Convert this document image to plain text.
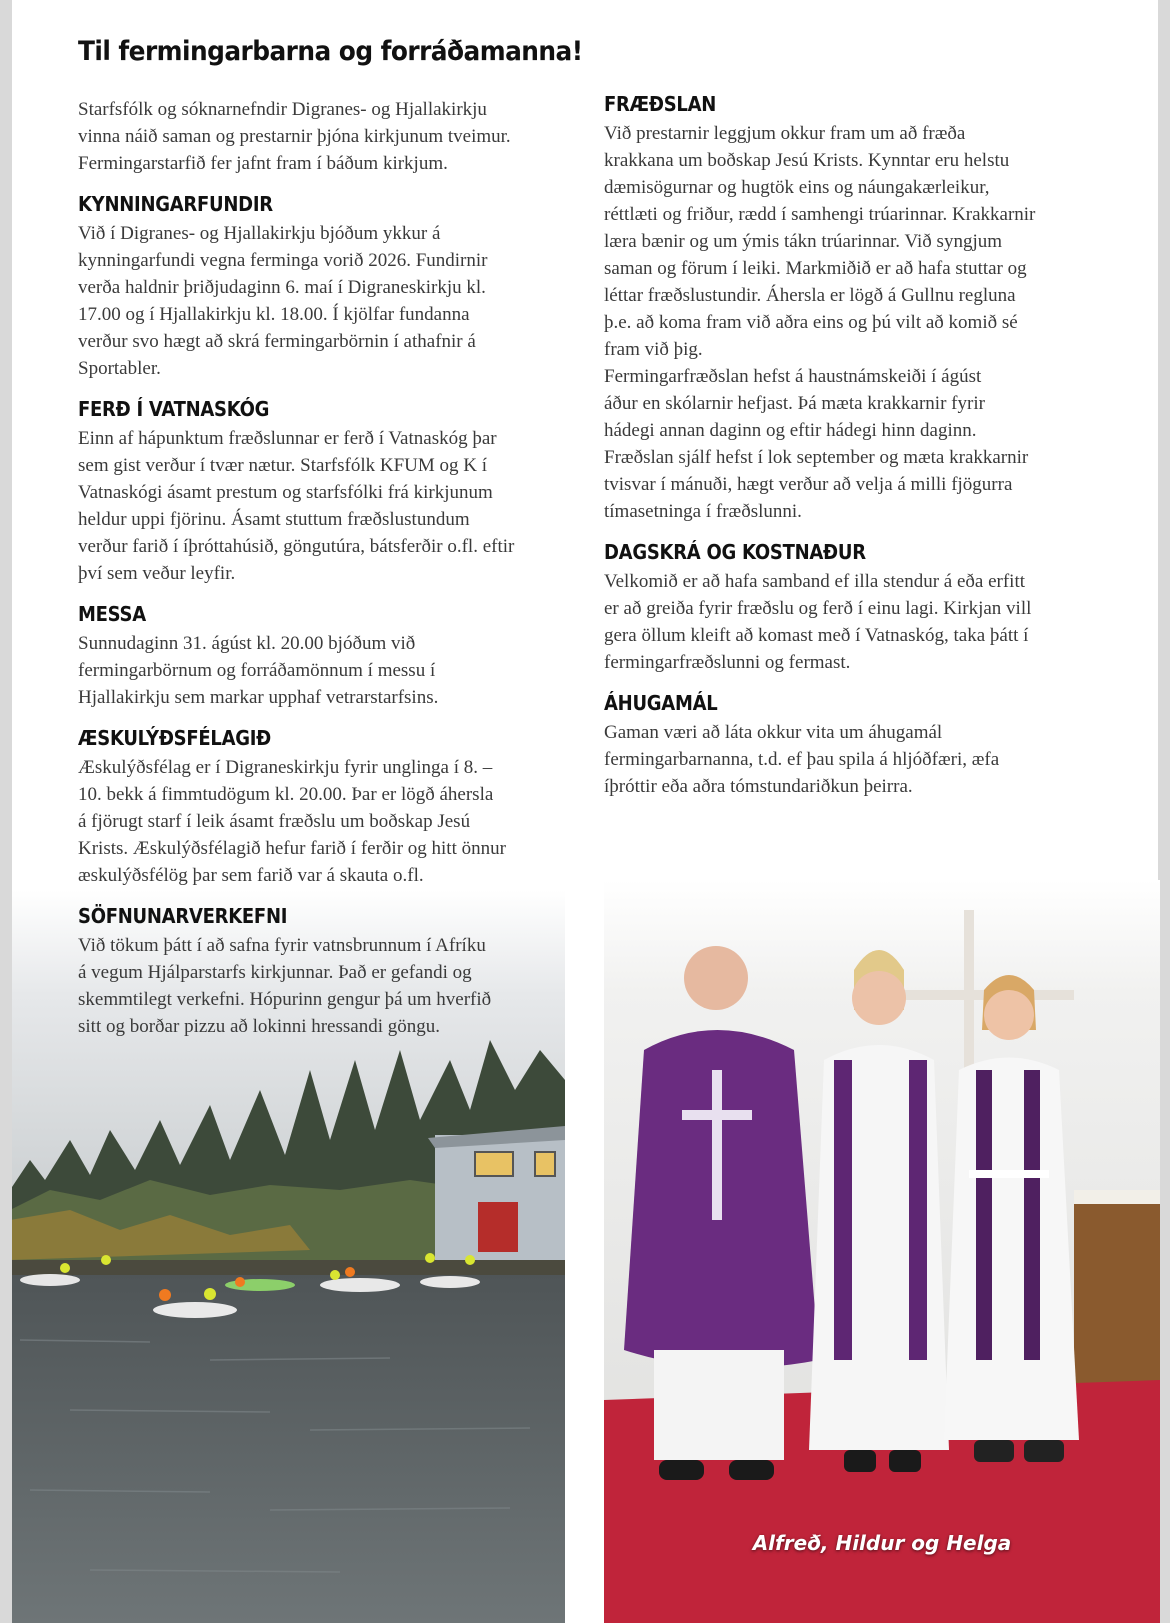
Alfreð, Hildur og Helga
Til fermingarbarna og forráðamanna!

Starfsfólk og sóknarnefndir Digranes- og Hjallakirkju
vinna náið saman og prestarnir þjóna kirkjunum tveimur.
Fermingarstarfið fer jafnt fram í báðum kirkjum.

KYNNINGARFUNDIR

Við í Digranes- og Hjallakirkju bjóðum ykkur á
kynningarfundi vegna ferminga vorið 2026. Fundirnir
verða haldnir þriðjudaginn 6. maí í Digraneskirkju kl.
17.00 og í Hjallakirkju kl. 18.00. Í kjölfar fundanna
verður svo hægt að skrá fermingarbörnin í athafnir á
Sportabler.

FERÐ Í VATNASKÓG

Einn af hápunktum fræðslunnar er ferð í Vatnaskóg þar
sem gist verður í tvær nætur. Starfsfólk KFUM og K í
Vatnaskógi ásamt prestum og starfsfólki frá kirkjunum
heldur uppi fjörinu. Ásamt stuttum fræðslustundum
verður farið í íþróttahúsið, göngutúra, bátsferðir o.fl. eftir
því sem veður leyfir.

MESSA

Sunnudaginn 31. ágúst kl. 20.00 bjóðum við
fermingarbörnum og forráðamönnum í messu í
Hjallakirkju sem markar upphaf vetrarstarfsins.

ÆSKULÝÐSFÉLAGIÐ

Æskulýðsfélag er í Digraneskirkju fyrir unglinga í 8. –
10. bekk á fimmtudögum kl. 20.00. Þar er lögð áhersla
á fjörugt starf í leik ásamt fræðslu um boðskap Jesú
Krists. Æskulýðsfélagið hefur farið í ferðir og hitt önnur
æskulýðsfélög þar sem farið var á skauta o.fl.

SÖFNUNARVERKEFNI

Við tökum þátt í að safna fyrir vatnsbrunnum í Afríku
á vegum Hjálparstarfs kirkjunnar. Það er gefandi og
skemmtilegt verkefni. Hópurinn gengur þá um hverfið
sitt og borðar pizzu að lokinni hressandi göngu.

FRÆÐSLAN

Við prestarnir leggjum okkur fram um að fræða
krakkana um boðskap Jesú Krists. Kynntar eru helstu
dæmisögurnar og hugtök eins og náungakærleikur,
réttlæti og friður, rædd í samhengi trúarinnar. Krakkarnir
læra bænir og um ýmis tákn trúarinnar. Við syngjum
saman og förum í leiki. Markmiðið er að hafa stuttar og
léttar fræðslustundir. Áhersla er lögð á Gullnu regluna
þ.e. að koma fram við aðra eins og þú vilt að komið sé
fram við þig.
Fermingarfræðslan hefst á haustnámskeiði í ágúst
áður en skólarnir hefjast. Þá mæta krakkarnir fyrir
hádegi annan daginn og eftir hádegi hinn daginn.
Fræðslan sjálf hefst í lok september og mæta krakkarnir
tvisvar í mánuði, hægt verður að velja á milli fjögurra
tímasetninga í fræðslunni.

DAGSKRÁ OG KOSTNAÐUR

Velkomið er að hafa samband ef illa stendur á eða erfitt
er að greiða fyrir fræðslu og ferð í einu lagi. Kirkjan vill
gera öllum kleift að komast með í Vatnaskóg, taka þátt í
fermingarfræðslunni og fermast.

ÁHUGAMÁL

Gaman væri að láta okkur vita um áhugamál
fermingarbarnanna, t.d. ef þau spila á hljóðfæri, æfa
íþróttir eða aðra tómstundariðkun þeirra.
